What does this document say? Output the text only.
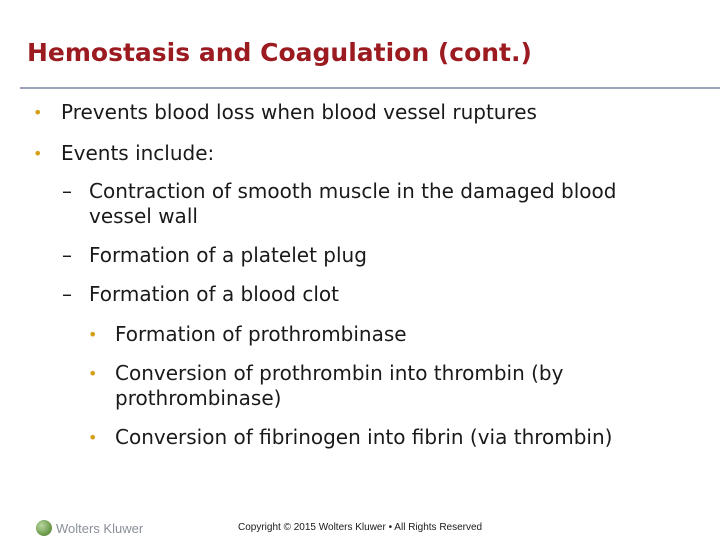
Hemostasis and Coagulation (cont.)
• Prevents blood loss when blood vessel ruptures
• Events include:
– Contraction of smooth muscle in the damaged blood vessel wall
– Formation of a platelet plug
– Formation of a blood clot
• Formation of prothrombinase
• Conversion of prothrombin into thrombin (by prothrombinase)
• Conversion of fibrinogen into fibrin (via thrombin)
Wolters Kluwer	Copyright © 2015 Wolters Kluwer • All Rights Reserved
